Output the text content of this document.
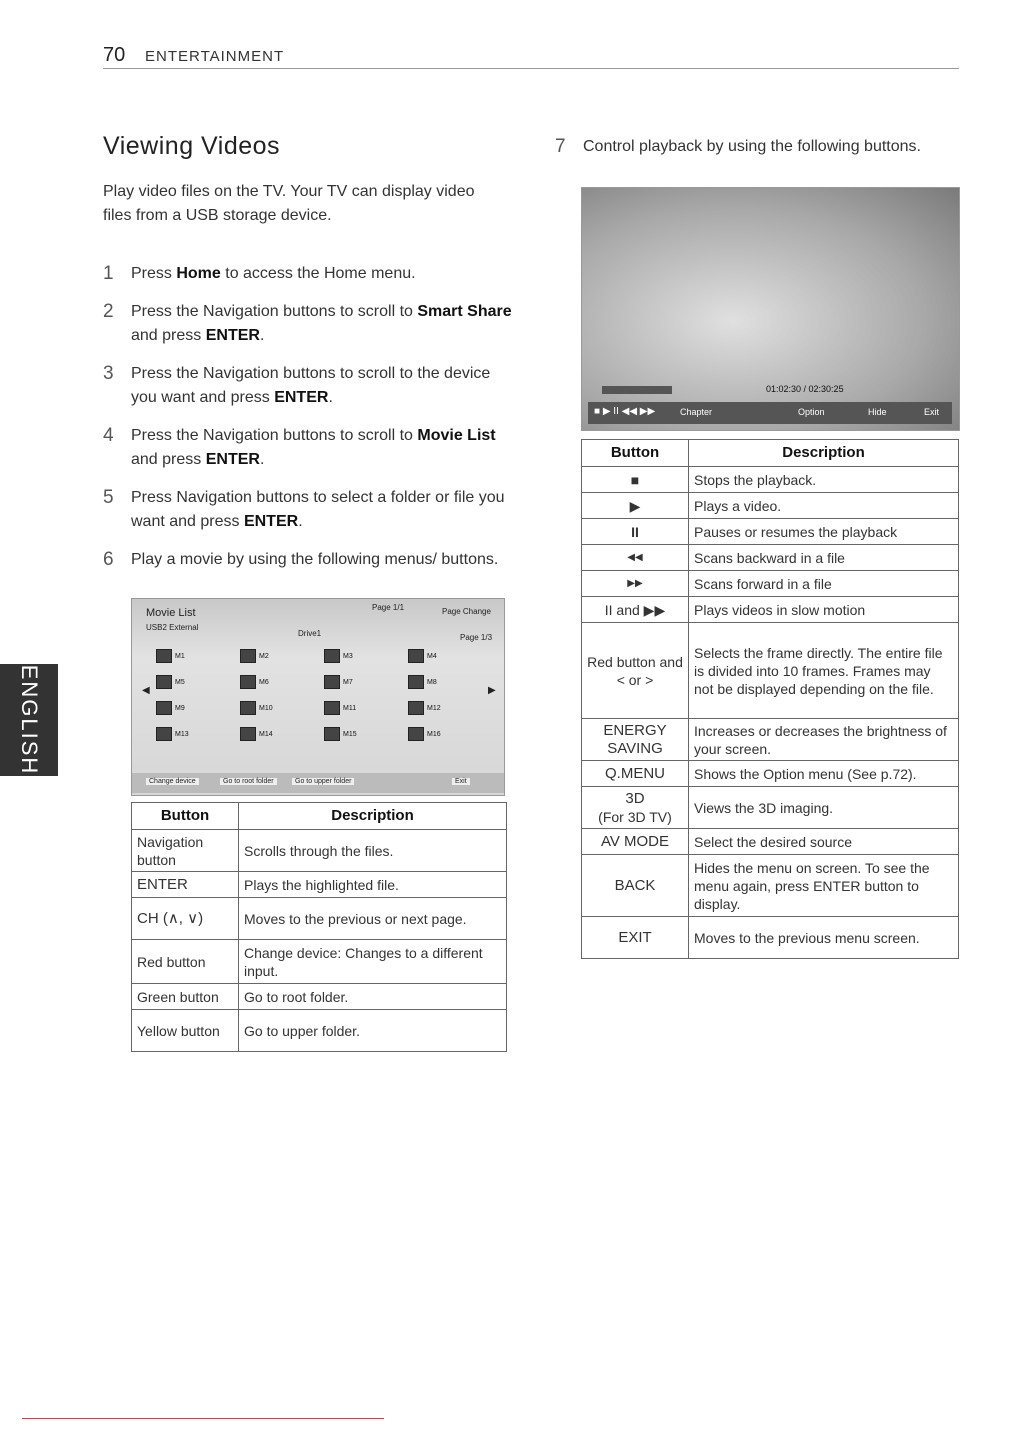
70 ENTERTAINMENT
ENGLISH
Viewing Videos
Play video files on the TV. Your TV can display video files from a USB storage device.
1 Press Home to access the Home menu.
2 Press the Navigation buttons to scroll to Smart Share and press ENTER.
3 Press the Navigation buttons to scroll to the device you want and press ENTER.
4 Press the Navigation buttons to scroll to Movie List and press ENTER.
5 Press Navigation buttons to select a folder or file you want and press ENTER.
6 Play a movie by using the following menus/ buttons.
Movie List
USB2 External
Drive1
Page 1/1	Page Change
Page 1/3
◀	▶
M1	M2	M3	M4
M5	M6	M7	M8
M9	M10	M11	M12
M13	M14	M15	M16
Change device	Go to root folder	Go to upper folder	Exit
Button	Description
Navigation button	Scrolls through the files.
ENTER	Plays the highlighted file.
CH (∧, ∨)	Moves to the previous or next page.
Red button	Change device: Changes to a different input.
Green button	Go to root folder.
Yellow button	Go to upper folder.
7 Control playback by using the following buttons.
01:02:30 / 02:30:25
■ ▶ II ◀◀ ▶▶	Chapter	Option	Hide	Exit
Button	Description
■	Stops the playback.
▶	Plays a video.
II	Pauses or resumes the playback
◀◀	Scans backward in a file
▶▶	Scans forward in a file
II and ▶▶	Plays videos in slow motion
Red button and < or >	Selects the frame directly. The entire file is divided into 10 frames. Frames may not be displayed depending on the file.
ENERGY SAVING	Increases or decreases the brightness of your screen.
Q.MENU	Shows the Option menu (See p.72).

3D
(For 3D TV)	Views the 3D imaging.
AV MODE	Select the desired source
BACK	Hides the menu on screen. To see the menu again, press ENTER button to display.
EXIT	Moves to the previous menu screen.
